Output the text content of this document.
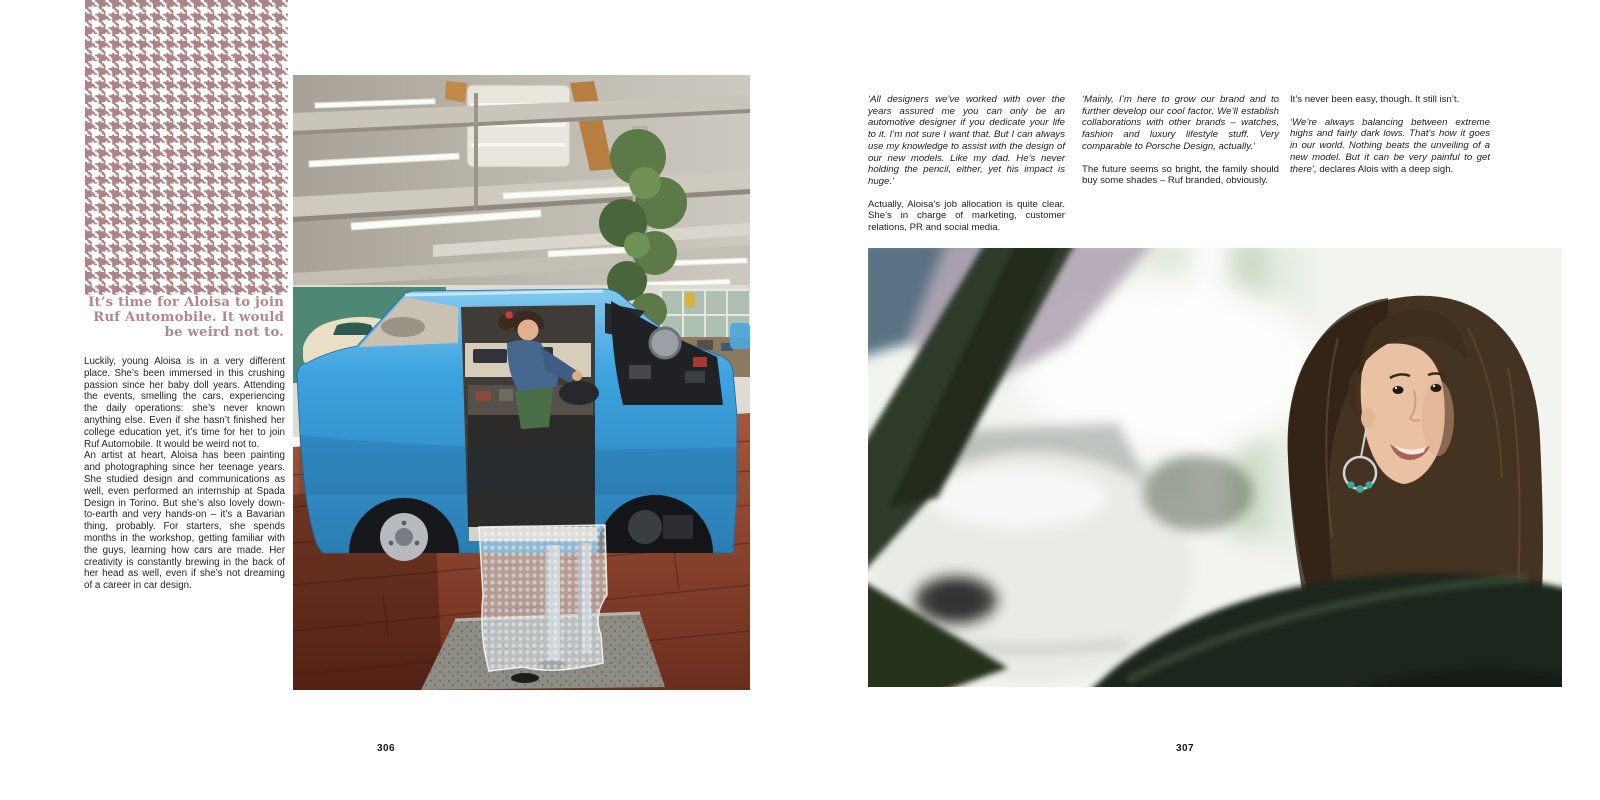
It’s time for Aloisa to join
Ruf Automobile. It would
be weird not to.

Luckily, young Aloisa is in a very different place. She’s been immersed in this crushing passion since her baby doll years. Attending the events, smelling the cars, experiencing the daily operations: she’s never known anything else. Even if she hasn’t finished her college education yet, it’s time for her to join Ruf Automobile. It would be weird not to.

An artist at heart, Aloisa has been painting and photographing since her teenage years. She studied design and communications as well, even performed an internship at Spada Design in Torino. But she’s also lovely down-to-earth and very hands-on – it’s a Bavarian thing, probably. For starters, she spends months in the workshop, getting familiar with the guys, learning how cars are made. Her creativity is constantly brewing in the back of her head as well, even if she’s not dreaming of a career in car design.

‘All designers we’ve worked with over the years assured me you can only be an automotive designer if you dedicate your life to it. I’m not sure I want that. But I can always use my knowledge to assist with the design of our new models. Like my dad. He’s never holding the pencil, either, yet his impact is huge.’

Actually, Aloisa’s job allocation is quite clear. She’s in charge of marketing, customer relations, PR and social media.

‘Mainly, I’m here to grow our brand and to further develop our cool factor. We’ll establish collaborations with other brands – watches, fashion and luxury lifestyle stuff. Very comparable to Porsche Design, actually.’

The future seems so bright, the family should buy some shades – Ruf branded, obviously.

It’s never been easy, though. It still isn’t.

‘We’re always balancing between extreme highs and fairly dark lows. That’s how it goes in our world. Nothing beats the unveiling of a new model. But it can be very painful to get there’, declares Alois with a deep sigh.

306	307
